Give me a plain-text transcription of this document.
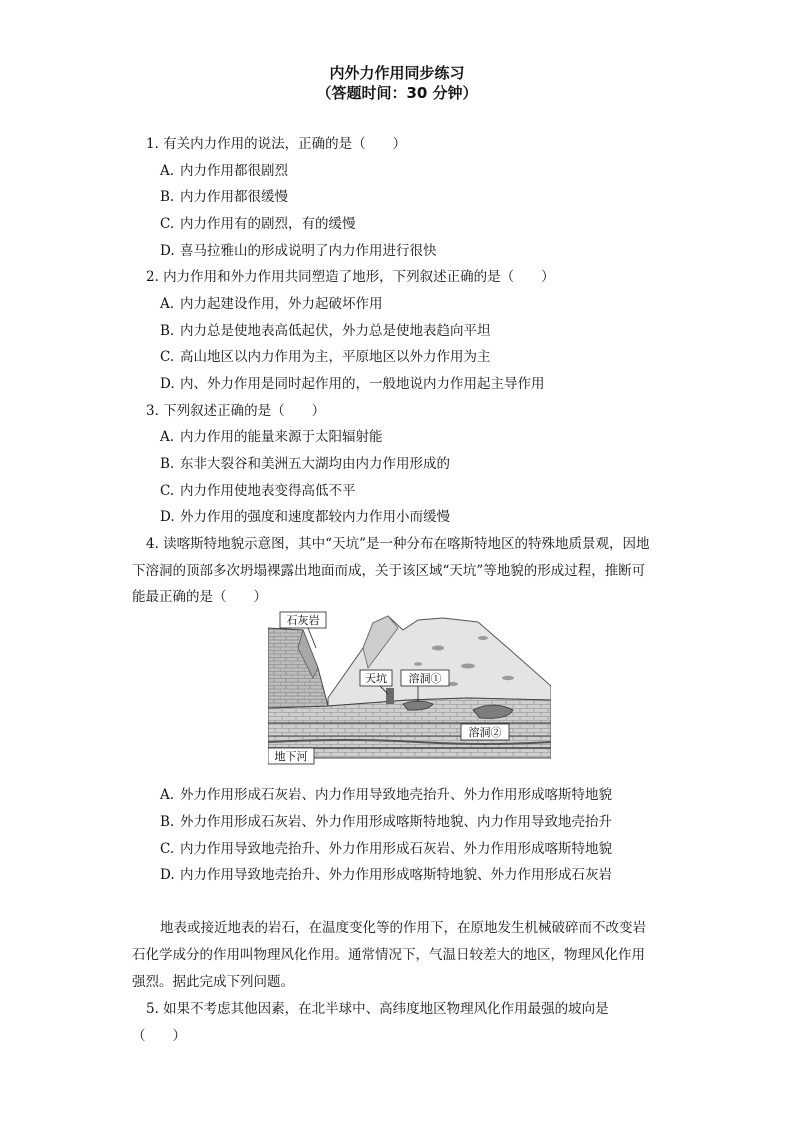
内外力作用同步练习
（答题时间：30 分钟）
1. 有关内力作用的说法，正确的是（　　）
A. 内力作用都很剧烈
B. 内力作用都很缓慢
C. 内力作用有的剧烈，有的缓慢
D. 喜马拉雅山的形成说明了内力作用进行很快
2. 内力作用和外力作用共同塑造了地形，下列叙述正确的是（　　）
A. 内力起建设作用，外力起破坏作用
B. 内力总是使地表高低起伏，外力总是使地表趋向平坦
C. 高山地区以内力作用为主，平原地区以外力作用为主
D. 内、外力作用是同时起作用的，一般地说内力作用起主导作用
3. 下列叙述正确的是（　　）
A. 内力作用的能量来源于太阳辐射能
B. 东非大裂谷和美洲五大湖均由内力作用形成的
C. 内力作用使地表变得高低不平
D. 外力作用的强度和速度都较内力作用小而缓慢
4. 读喀斯特地貌示意图，其中“天坑”是一种分布在喀斯特地区的特殊地质景观，因地
下溶洞的顶部多次坍塌裸露出地面而成，关于该区域“天坑”等地貌的形成过程，推断可
能最正确的是（　　）
石灰岩
天坑 溶洞①
溶洞②
地下河
A. 外力作用形成石灰岩、内力作用导致地壳抬升、外力作用形成喀斯特地貌
B. 外力作用形成石灰岩、外力作用形成喀斯特地貌、内力作用导致地壳抬升
C. 内力作用导致地壳抬升、外力作用形成石灰岩、外力作用形成喀斯特地貌
D. 内力作用导致地壳抬升、外力作用形成喀斯特地貌、外力作用形成石灰岩
地表或接近地表的岩石，在温度变化等的作用下，在原地发生机械破碎而不改变岩
石化学成分的作用叫物理风化作用。通常情况下，气温日较差大的地区，物理风化作用
强烈。据此完成下列问题。
5. 如果不考虑其他因素，在北半球中、高纬度地区物理风化作用最强的坡向是
（　　）
